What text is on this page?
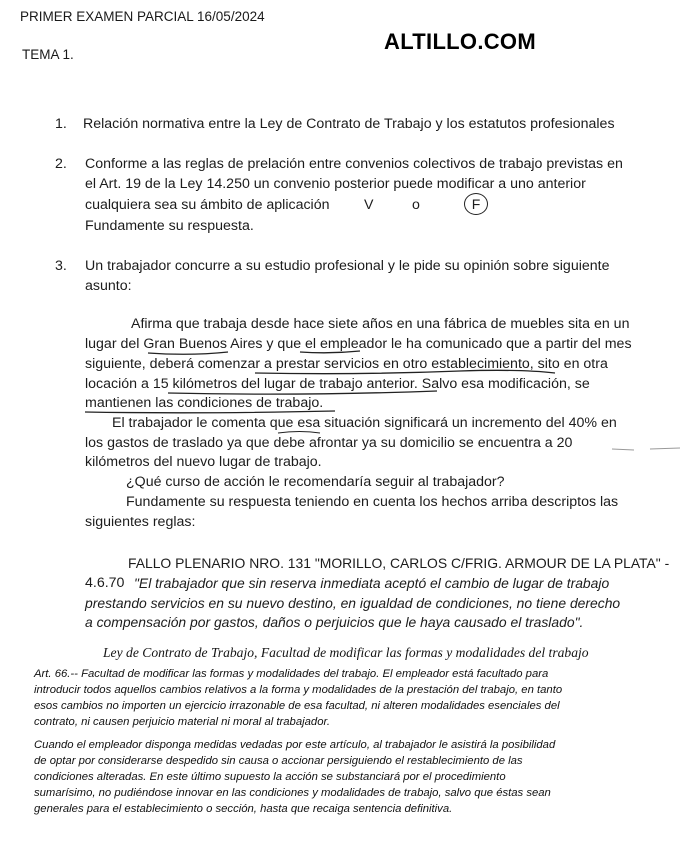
PRIMER EXAMEN PARCIAL 16/05/2024
TEMA 1.
ALTILLO.COM
1. Relación normativa entre la Ley de Contrato de Trabajo y los estatutos profesionales
2. Conforme a las reglas de prelación entre convenios colectivos de trabajo previstas en
el Art. 19 de la Ley 14.250 un convenio posterior puede modificar a uno anterior
cualquiera sea su ámbito de aplicación V	o	F
Fundamente su respuesta.
3. Un trabajador concurre a su estudio profesional y le pide su opinión sobre siguiente
asunto:
Afirma que trabaja desde hace siete años en una fábrica de muebles sita en un
lugar del Gran Buenos Aires y que el empleador le ha comunicado que a partir del mes
siguiente, deberá comenzar a prestar servicios en otro establecimiento, sito en otra
locación a 15 kilómetros del lugar de trabajo anterior. Salvo esa modificación, se
mantienen las condiciones de trabajo.
El trabajador le comenta que esa situación significará un incremento del 40% en
los gastos de traslado ya que debe afrontar ya su domicilio se encuentra a 20
kilómetros del nuevo lugar de trabajo.
¿Qué curso de acción le recomendaría seguir al trabajador?
Fundamente su respuesta teniendo en cuenta los hechos arriba descriptos las
siguientes reglas:
FALLO PLENARIO NRO. 131 "MORILLO, CARLOS C/FRIG. ARMOUR DE LA PLATA" -
4.6.70 "El trabajador que sin reserva inmediata aceptó el cambio de lugar de trabajo
prestando servicios en su nuevo destino, en igualdad de condiciones, no tiene derecho
a compensación por gastos, daños o perjuicios que le haya causado el traslado".
Ley de Contrato de Trabajo, Facultad de modificar las formas y modalidades del trabajo
Art. 66.-- Facultad de modificar las formas y modalidades del trabajo. El empleador está facultado para
introducir todos aquellos cambios relativos a la forma y modalidades de la prestación del trabajo, en tanto
esos cambios no importen un ejercicio irrazonable de esa facultad, ni alteren modalidades esenciales del
contrato, ni causen perjuicio material ni moral al trabajador.
Cuando el empleador disponga medidas vedadas por este artículo, al trabajador le asistirá la posibilidad
de optar por considerarse despedido sin causa o accionar persiguiendo el restablecimiento de las
condiciones alteradas. En este último supuesto la acción se substanciará por el procedimiento
sumarísimo, no pudiéndose innovar en las condiciones y modalidades de trabajo, salvo que éstas sean
generales para el establecimiento o sección, hasta que recaiga sentencia definitiva.
